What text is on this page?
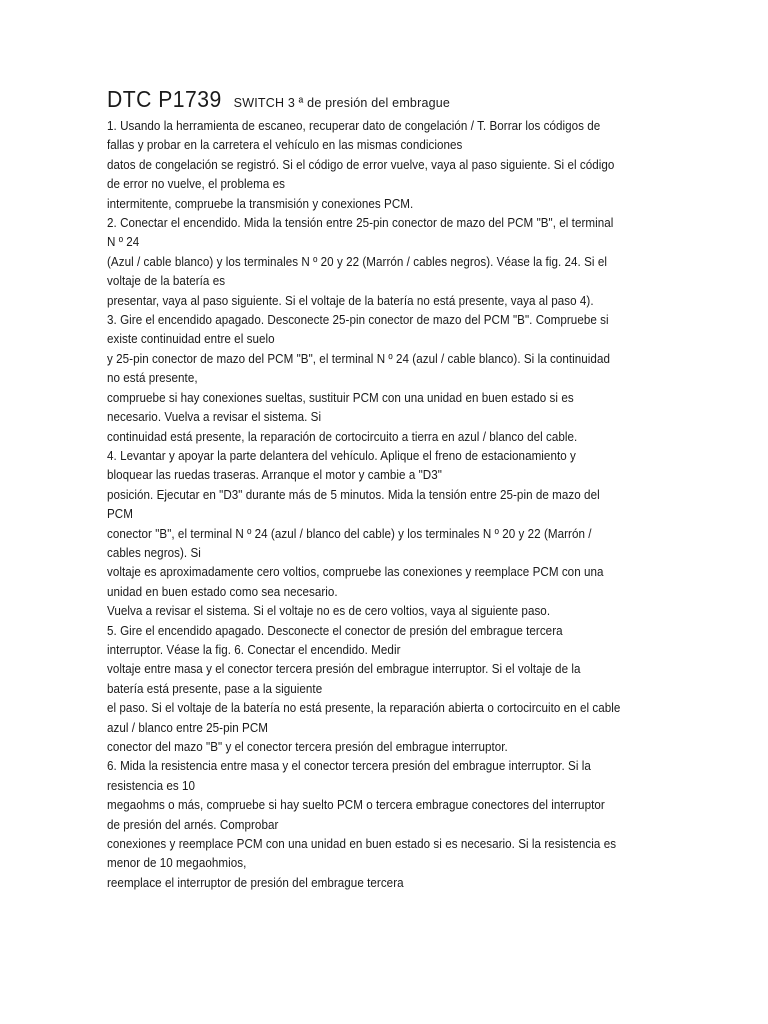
DTC P1739 SWITCH 3 ª de presión del embrague
1. Usando la herramienta de escaneo, recuperar dato de congelación / T. Borrar los códigos de
fallas y probar en la carretera el vehículo en las mismas condiciones
datos de congelación se registró. Si el código de error vuelve, vaya al paso siguiente. Si el código
de error no vuelve, el problema es
intermitente, compruebe la transmisión y conexiones PCM.
2. Conectar el encendido. Mida la tensión entre 25-pin conector de mazo del PCM "B", el terminal
N º 24
(Azul / cable blanco) y los terminales N º 20 y 22 (Marrón / cables negros). Véase la fig. 24. Si el
voltaje de la batería es
presentar, vaya al paso siguiente. Si el voltaje de la batería no está presente, vaya al paso 4).
3. Gire el encendido apagado. Desconecte 25-pin conector de mazo del PCM "B". Compruebe si
existe continuidad entre el suelo
y 25-pin conector de mazo del PCM "B", el terminal N º 24 (azul / cable blanco). Si la continuidad
no está presente,
compruebe si hay conexiones sueltas, sustituir PCM con una unidad en buen estado si es
necesario. Vuelva a revisar el sistema. Si
continuidad está presente, la reparación de cortocircuito a tierra en azul / blanco del cable.
4. Levantar y apoyar la parte delantera del vehículo. Aplique el freno de estacionamiento y
bloquear las ruedas traseras. Arranque el motor y cambie a "D3"
posición. Ejecutar en "D3" durante más de 5 minutos. Mida la tensión entre 25-pin de mazo del
PCM
conector "B", el terminal N º 24 (azul / blanco del cable) y los terminales N º 20 y 22 (Marrón /
cables negros). Si
voltaje es aproximadamente cero voltios, compruebe las conexiones y reemplace PCM con una
unidad en buen estado como sea necesario.
Vuelva a revisar el sistema. Si el voltaje no es de cero voltios, vaya al siguiente paso.
5. Gire el encendido apagado. Desconecte el conector de presión del embrague tercera
interruptor. Véase la fig. 6. Conectar el encendido. Medir
voltaje entre masa y el conector tercera presión del embrague interruptor. Si el voltaje de la
batería está presente, pase a la siguiente
el paso. Si el voltaje de la batería no está presente, la reparación abierta o cortocircuito en el cable
azul / blanco entre 25-pin PCM
conector del mazo "B" y el conector tercera presión del embrague interruptor.
6. Mida la resistencia entre masa y el conector tercera presión del embrague interruptor. Si la
resistencia es 10
megaohms o más, compruebe si hay suelto PCM o tercera embrague conectores del interruptor
de presión del arnés. Comprobar
conexiones y reemplace PCM con una unidad en buen estado si es necesario. Si la resistencia es
menor de 10 megaohmios,
reemplace el interruptor de presión del embrague tercera
